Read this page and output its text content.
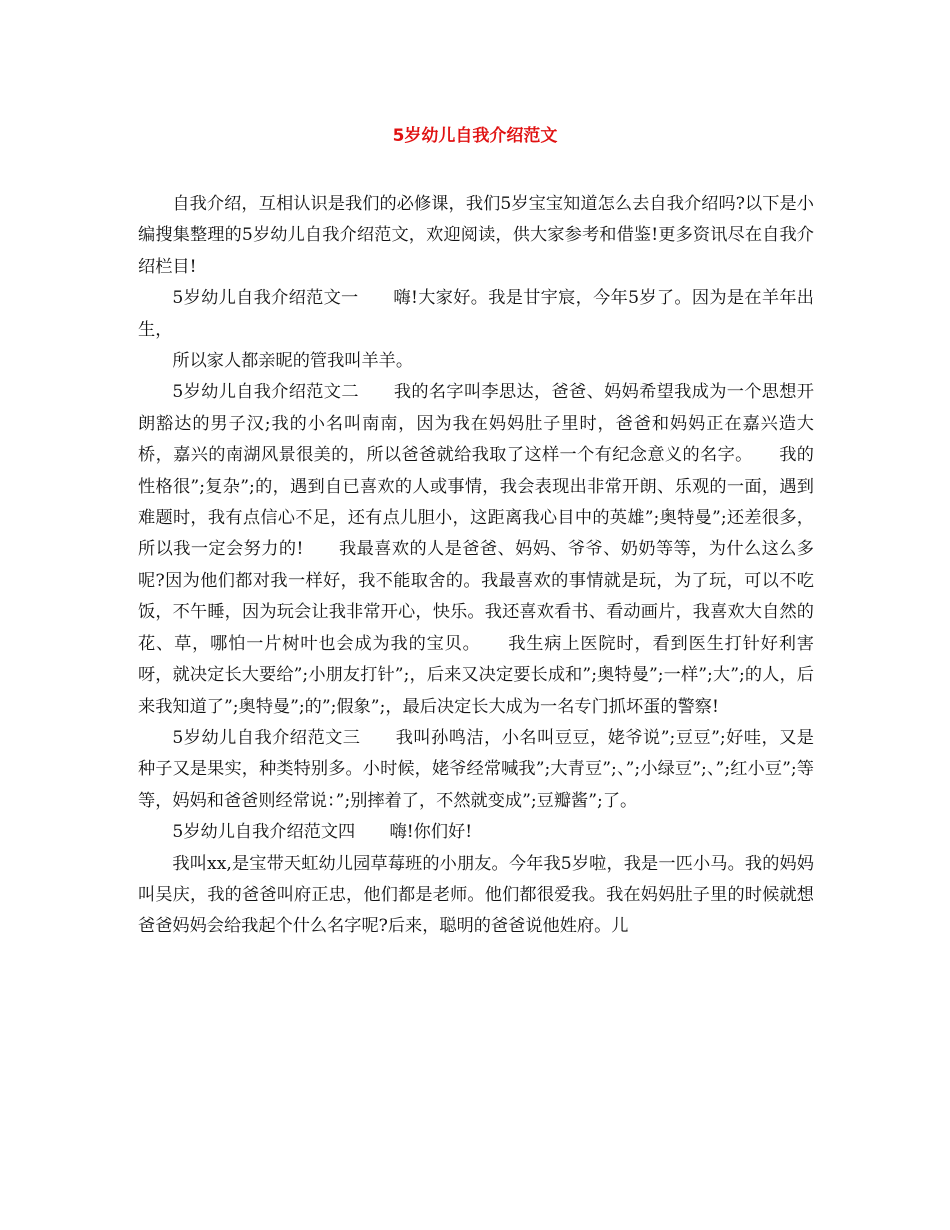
5岁幼儿自我介绍范文

自我介绍，互相认识是我们的必修课，我们5岁宝宝知道怎么去自我介绍吗?以下是小编搜集整理的5岁幼儿自我介绍范文，欢迎阅读，供大家参考和借鉴!更多资讯尽在自我介绍栏目!

5岁幼儿自我介绍范文一　　嗨!大家好。我是甘宇宸，今年5岁了。因为是在羊年出生，

所以家人都亲昵的管我叫羊羊。

5岁幼儿自我介绍范文二　　我的名字叫李思达，爸爸、妈妈希望我成为一个思想开朗豁达的男子汉;我的小名叫南南，因为我在妈妈肚子里时，爸爸和妈妈正在嘉兴造大桥，嘉兴的南湖风景很美的，所以爸爸就给我取了这样一个有纪念意义的名字。　　我的性格很”;复杂”;的，遇到自已喜欢的人或事情，我会表现出非常开朗、乐观的一面，遇到难题时，我有点信心不足，还有点儿胆小，这距离我心目中的英雄”;奥特曼”;还差很多，所以我一定会努力的!　　我最喜欢的人是爸爸、妈妈、爷爷、奶奶等等，为什么这么多呢?因为他们都对我一样好，我不能取舍的。我最喜欢的事情就是玩，为了玩，可以不吃饭，不午睡，因为玩会让我非常开心，快乐。我还喜欢看书、看动画片，我喜欢大自然的花、草，哪怕一片树叶也会成为我的宝贝。　　我生病上医院时，看到医生打针好利害呀，就决定长大要给”;小朋友打针”;，后来又决定要长成和”;奥特曼”;一样”;大”;的人，后来我知道了”;奥特曼”;的”;假象”;，最后决定长大成为一名专门抓坏蛋的警察!

5岁幼儿自我介绍范文三　　我叫孙鸣洁，小名叫豆豆，姥爷说”;豆豆”;好哇，又是种子又是果实，种类特别多。小时候，姥爷经常喊我”;大青豆”;、”;小绿豆”;、”;红小豆”;等等，妈妈和爸爸则经常说：”;别摔着了，不然就变成”;豆瓣酱”;了。

5岁幼儿自我介绍范文四　　嗨!你们好!

我叫xx,是宝带天虹幼儿园草莓班的小朋友。今年我5岁啦，我是一匹小马。我的妈妈叫吴庆，我的爸爸叫府正忠，他们都是老师。他们都很爱我。我在妈妈肚子里的时候就想爸爸妈妈会给我起个什么名字呢?后来，聪明的爸爸说他姓府。儿
